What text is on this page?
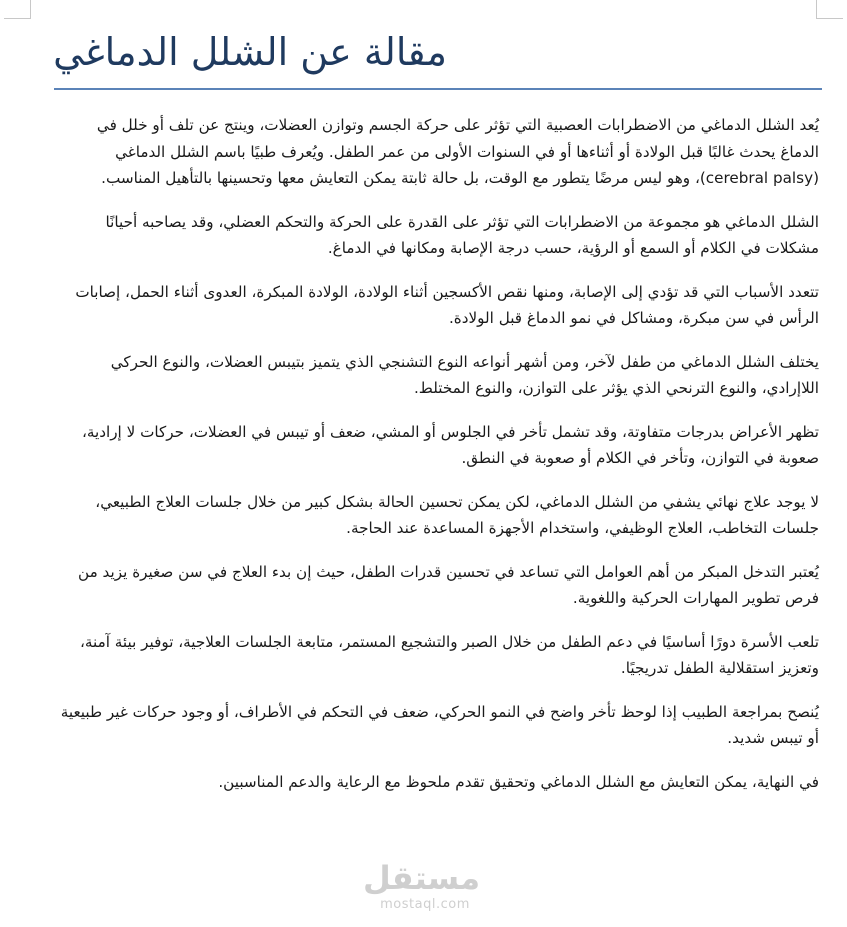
مقالة عن الشلل الدماغي

يُعد الشلل الدماغي من الاضطرابات العصبية التي تؤثر على حركة الجسم وتوازن العضلات، وينتج عن تلف أو خلل في الدماغ يحدث غالبًا قبل الولادة أو أثناءها أو في السنوات الأولى من عمر الطفل. ويُعرف طبيًا باسم الشلل الدماغي (cerebral palsy)، وهو ليس مرضًا يتطور مع الوقت، بل حالة ثابتة يمكن التعايش معها وتحسينها بالتأهيل المناسب.

الشلل الدماغي هو مجموعة من الاضطرابات التي تؤثر على القدرة على الحركة والتحكم العضلي، وقد يصاحبه أحيانًا مشكلات في الكلام أو السمع أو الرؤية، حسب درجة الإصابة ومكانها في الدماغ.

تتعدد الأسباب التي قد تؤدي إلى الإصابة، ومنها نقص الأكسجين أثناء الولادة، الولادة المبكرة، العدوى أثناء الحمل، إصابات الرأس في سن مبكرة، ومشاكل في نمو الدماغ قبل الولادة.

يختلف الشلل الدماغي من طفل لآخر، ومن أشهر أنواعه النوع التشنجي الذي يتميز بتيبس العضلات، والنوع الحركي اللاإرادي، والنوع الترنحي الذي يؤثر على التوازن، والنوع المختلط.

تظهر الأعراض بدرجات متفاوتة، وقد تشمل تأخر في الجلوس أو المشي، ضعف أو تيبس في العضلات، حركات لا إرادية، صعوبة في التوازن، وتأخر في الكلام أو صعوبة في النطق.

لا يوجد علاج نهائي يشفي من الشلل الدماغي، لكن يمكن تحسين الحالة بشكل كبير من خلال جلسات العلاج الطبيعي، جلسات التخاطب، العلاج الوظيفي، واستخدام الأجهزة المساعدة عند الحاجة.

يُعتبر التدخل المبكر من أهم العوامل التي تساعد في تحسين قدرات الطفل، حيث إن بدء العلاج في سن صغيرة يزيد من فرص تطوير المهارات الحركية واللغوية.

تلعب الأسرة دورًا أساسيًا في دعم الطفل من خلال الصبر والتشجيع المستمر، متابعة الجلسات العلاجية، توفير بيئة آمنة، وتعزيز استقلالية الطفل تدريجيًا.

يُنصح بمراجعة الطبيب إذا لوحظ تأخر واضح في النمو الحركي، ضعف في التحكم في الأطراف، أو وجود حركات غير طبيعية أو تيبس شديد.

في النهاية، يمكن التعايش مع الشلل الدماغي وتحقيق تقدم ملحوظ مع الرعاية والدعم المناسبين.

مستقل
mostaql.com
